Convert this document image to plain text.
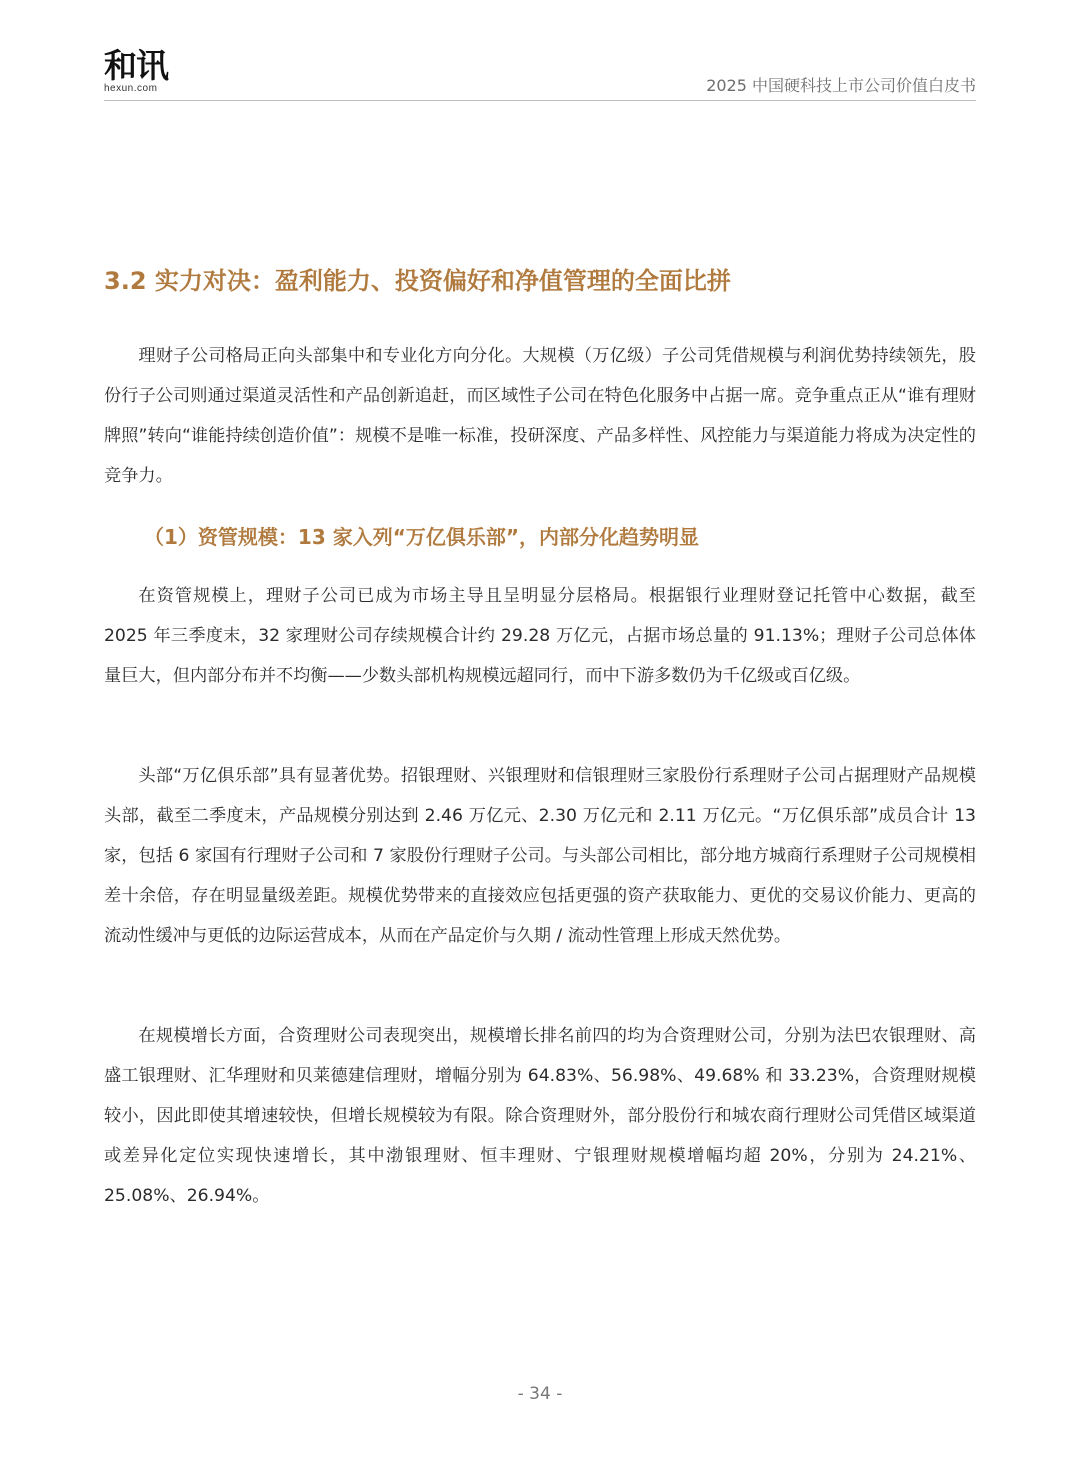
和讯
hexun.com	2025 中国硬科技上市公司价值白皮书
3.2 实力对决：盈利能力、投资偏好和净值管理的全面比拼

理财子公司格局正向头部集中和专业化方向分化。大规模（万亿级）子公司凭借规模与利润优势持续领先，股份行子公司则通过渠道灵活性和产品创新追赶，而区域性子公司在特色化服务中占据一席。竞争重点正从“谁有理财牌照”转向“谁能持续创造价值”：规模不是唯一标准，投研深度、产品多样性、风控能力与渠道能力将成为决定性的竞争力。

（1）资管规模：13 家入列“万亿俱乐部”，内部分化趋势明显

在资管规模上，理财子公司已成为市场主导且呈明显分层格局。根据银行业理财登记托管中心数据，截至 2025 年三季度末，32 家理财公司存续规模合计约 29.28 万亿元，占据市场总量的 91.13%；理财子公司总体体量巨大，但内部分布并不均衡——少数头部机构规模远超同行，而中下游多数仍为千亿级或百亿级。

头部“万亿俱乐部”具有显著优势。招银理财、兴银理财和信银理财三家股份行系理财子公司占据理财产品规模头部，截至二季度末，产品规模分别达到 2.46 万亿元、2.30 万亿元和 2.11 万亿元。“万亿俱乐部”成员合计 13 家，包括 6 家国有行理财子公司和 7 家股份行理财子公司。与头部公司相比，部分地方城商行系理财子公司规模相差十余倍，存在明显量级差距。规模优势带来的直接效应包括更强的资产获取能力、更优的交易议价能力、更高的流动性缓冲与更低的边际运营成本，从而在产品定价与久期 / 流动性管理上形成天然优势。

在规模增长方面，合资理财公司表现突出，规模增长排名前四的均为合资理财公司，分别为法巴农银理财、高盛工银理财、汇华理财和贝莱德建信理财，增幅分别为 64.83%、56.98%、49.68% 和 33.23%，合资理财规模较小，因此即使其增速较快，但增长规模较为有限。除合资理财外，部分股份行和城农商行理财公司凭借区域渠道或差异化定位实现快速增长，其中渤银理财、恒丰理财、宁银理财规模增幅均超 20%，分别为 24.21%、25.08%、26.94%。

- 34 -
